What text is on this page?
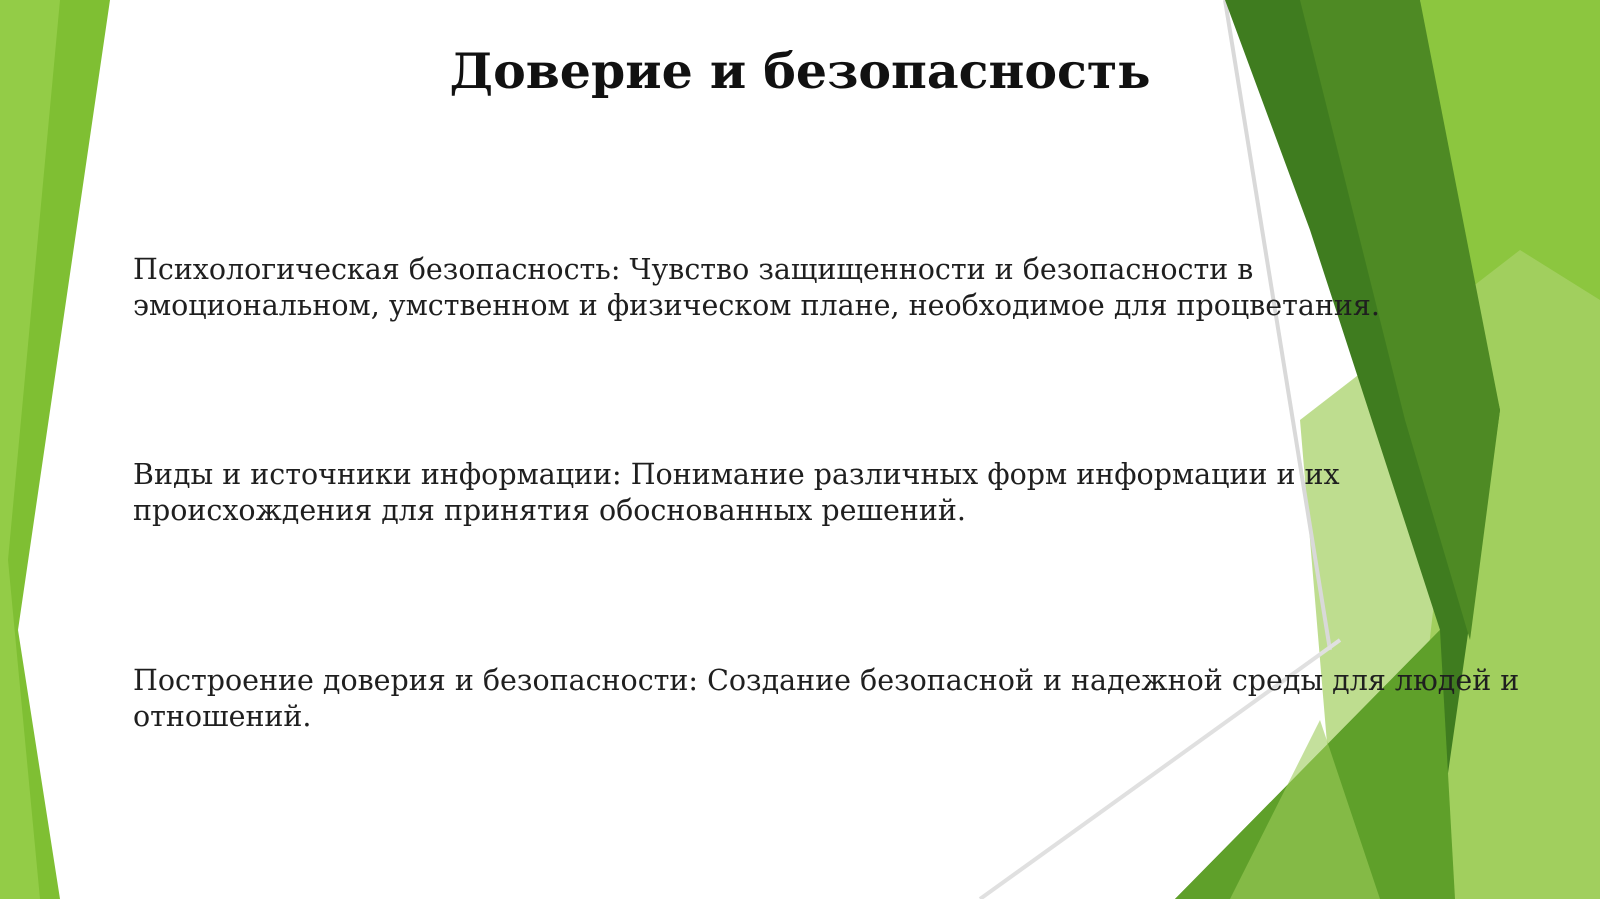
Доверие и безопасность

Психологическая безопасность: Чувство защищенности и безопасности в
эмоциональном, умственном и физическом плане, необходимое для процветания.

Виды и источники информации: Понимание различных форм информации и их
происхождения для принятия обоснованных решений.

Построение доверия и безопасности: Создание безопасной и надежной среды для людей и
отношений.
